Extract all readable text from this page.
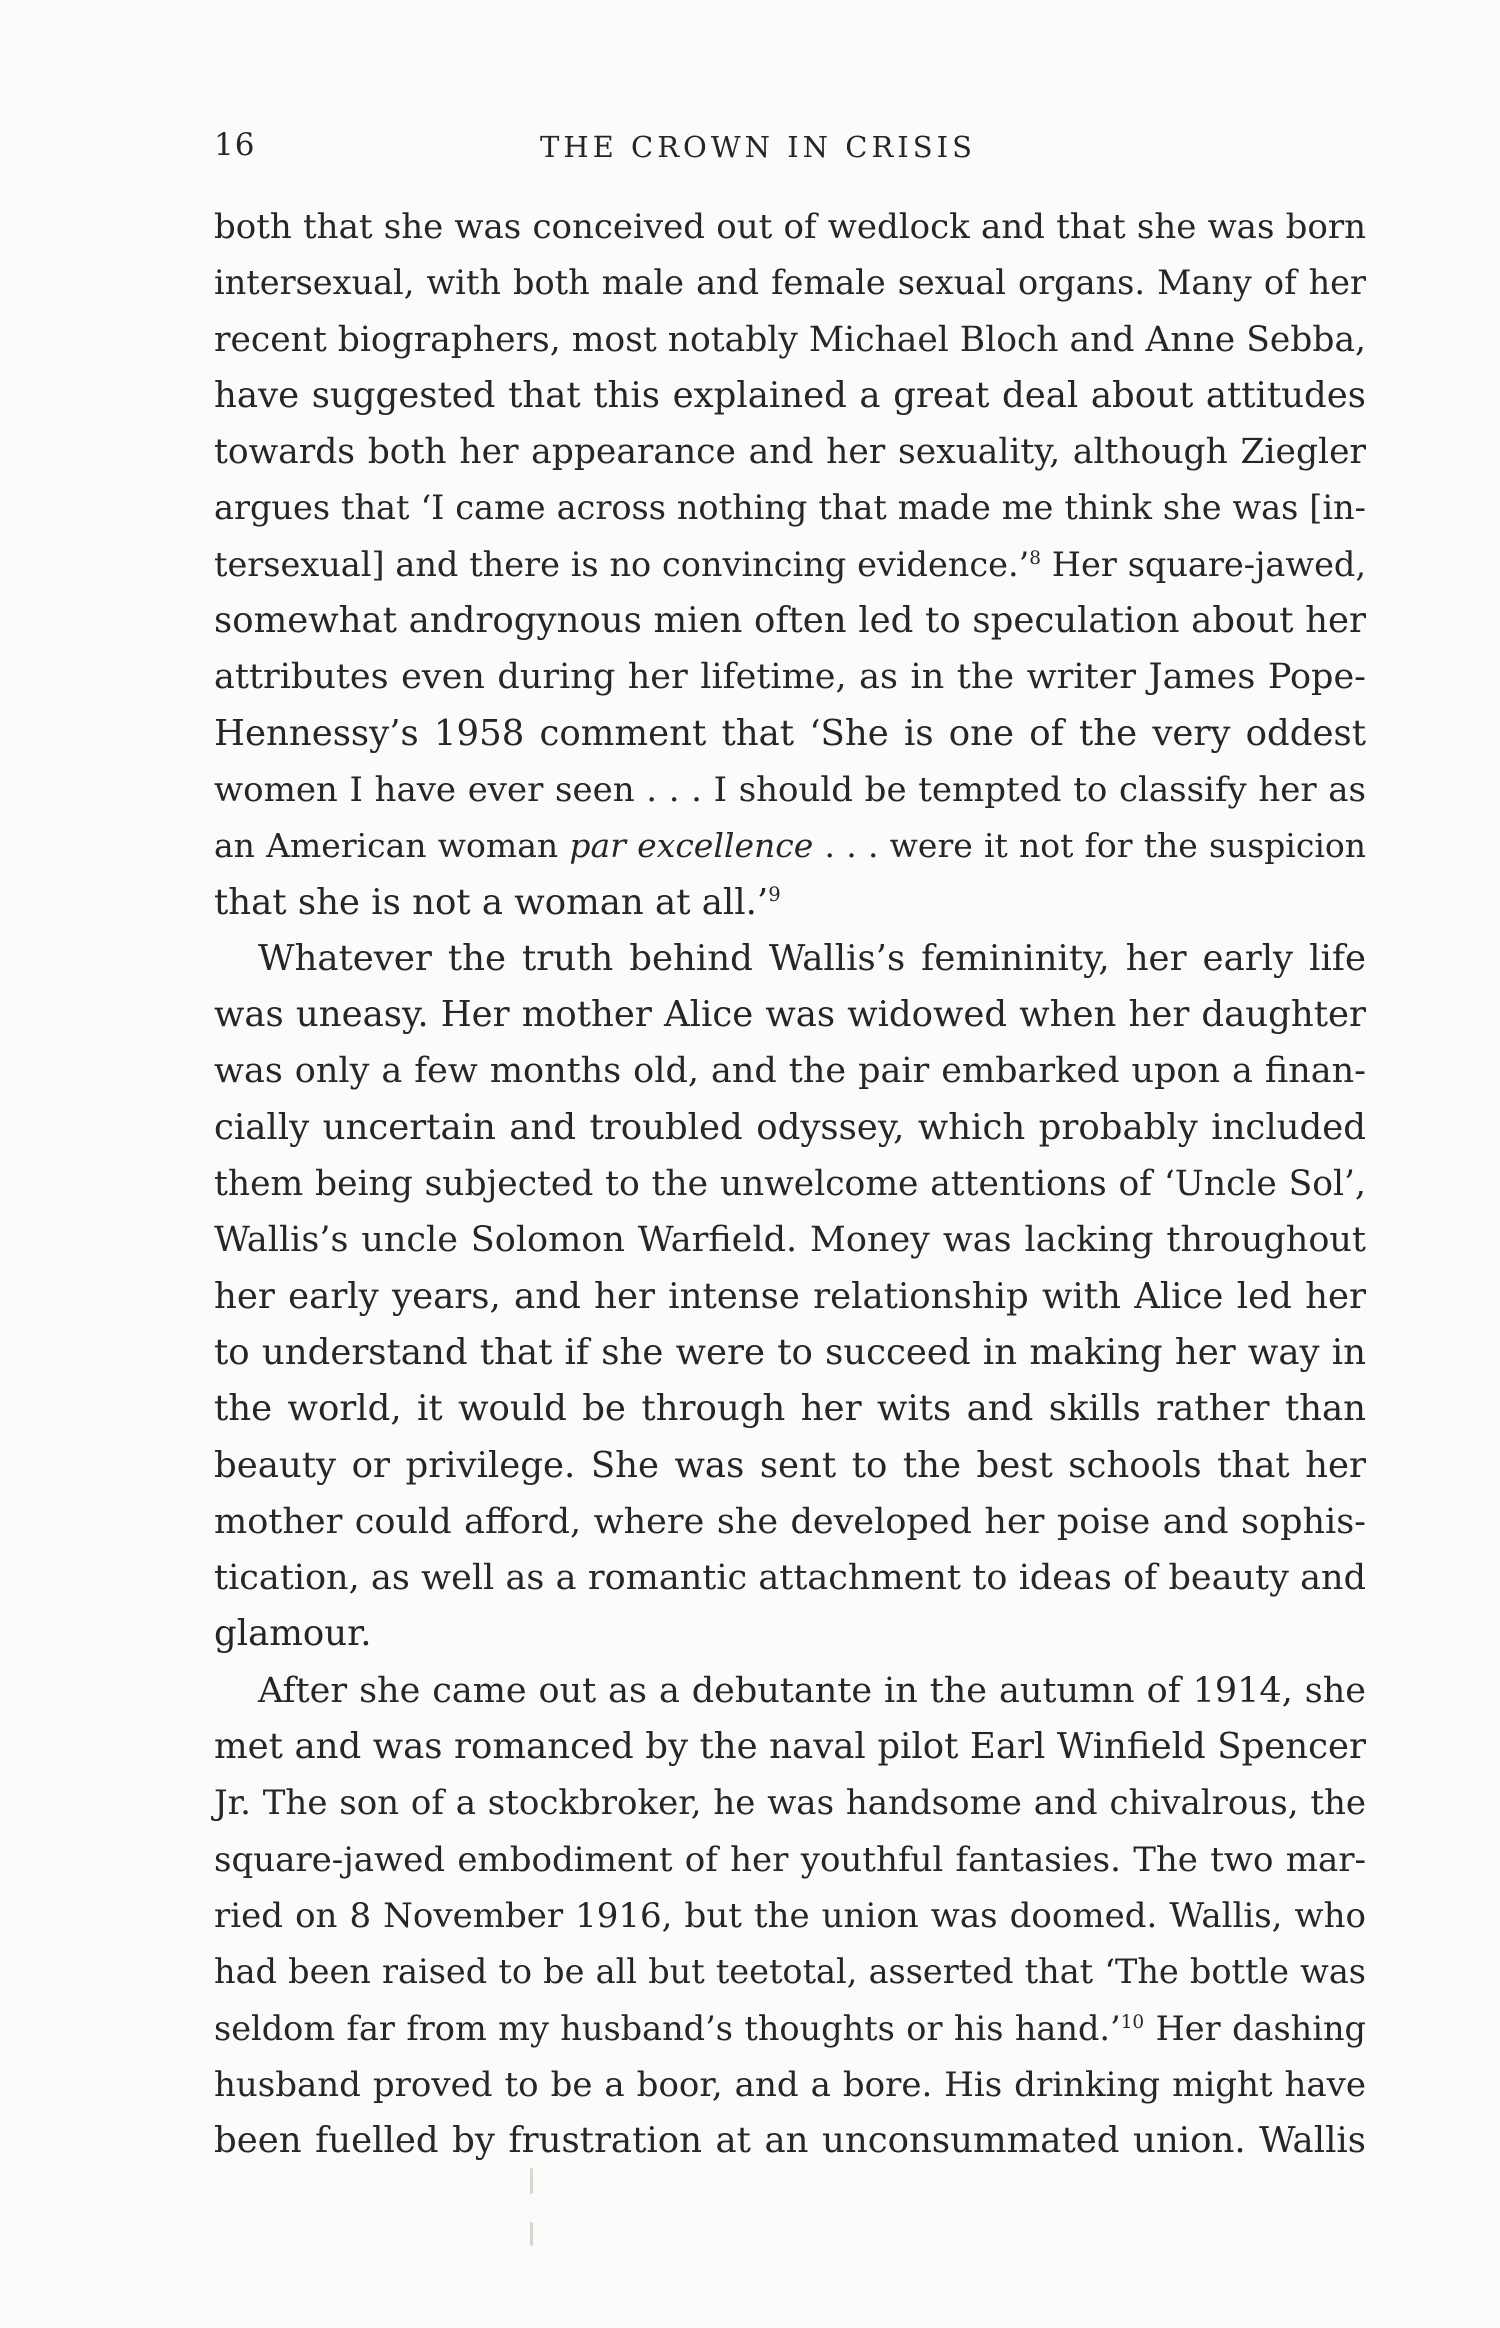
16	THE CROWN IN CRISIS
both that she was conceived out of wedlock and that she was born
intersexual, with both male and female sexual organs. Many of her
recent biographers, most notably Michael Bloch and Anne Sebba,
have suggested that this explained a great deal about attitudes
towards both her appearance and her sexuality, although Ziegler
argues that ‘I came across nothing that made me think she was [in-
tersexual] and there is no convincing evidence.’$^8$ Her square-jawed,
somewhat androgynous mien often led to speculation about her
attributes even during her lifetime, as in the writer James Pope-
Hennessy’s 1958 comment that ‘She is one of the very oddest
women I have ever seen . . . I should be tempted to classify her as
an American woman par excellence . . . were it not for the suspicion
that she is not a woman at all.’$^9$
Whatever the truth behind Wallis’s femininity, her early life
was uneasy. Her mother Alice was widowed when her daughter
was only a few months old, and the pair embarked upon a finan-
cially uncertain and troubled odyssey, which probably included
them being subjected to the unwelcome attentions of ‘Uncle Sol’,
Wallis’s uncle Solomon Warfield. Money was lacking throughout
her early years, and her intense relationship with Alice led her
to understand that if she were to succeed in making her way in
the world, it would be through her wits and skills rather than
beauty or privilege. She was sent to the best schools that her
mother could afford, where she developed her poise and sophis-
tication, as well as a romantic attachment to ideas of beauty and
glamour.
After she came out as a debutante in the autumn of 1914, she
met and was romanced by the naval pilot Earl Winfield Spencer
Jr. The son of a stockbroker, he was handsome and chivalrous, the
square-jawed embodiment of her youthful fantasies. The two mar-
ried on 8 November 1916, but the union was doomed. Wallis, who
had been raised to be all but teetotal, asserted that ‘The bottle was
seldom far from my husband’s thoughts or his hand.’$^{10}$ Her dashing
husband proved to be a boor, and a bore. His drinking might have
been fuelled by frustration at an unconsummated union. Wallis
